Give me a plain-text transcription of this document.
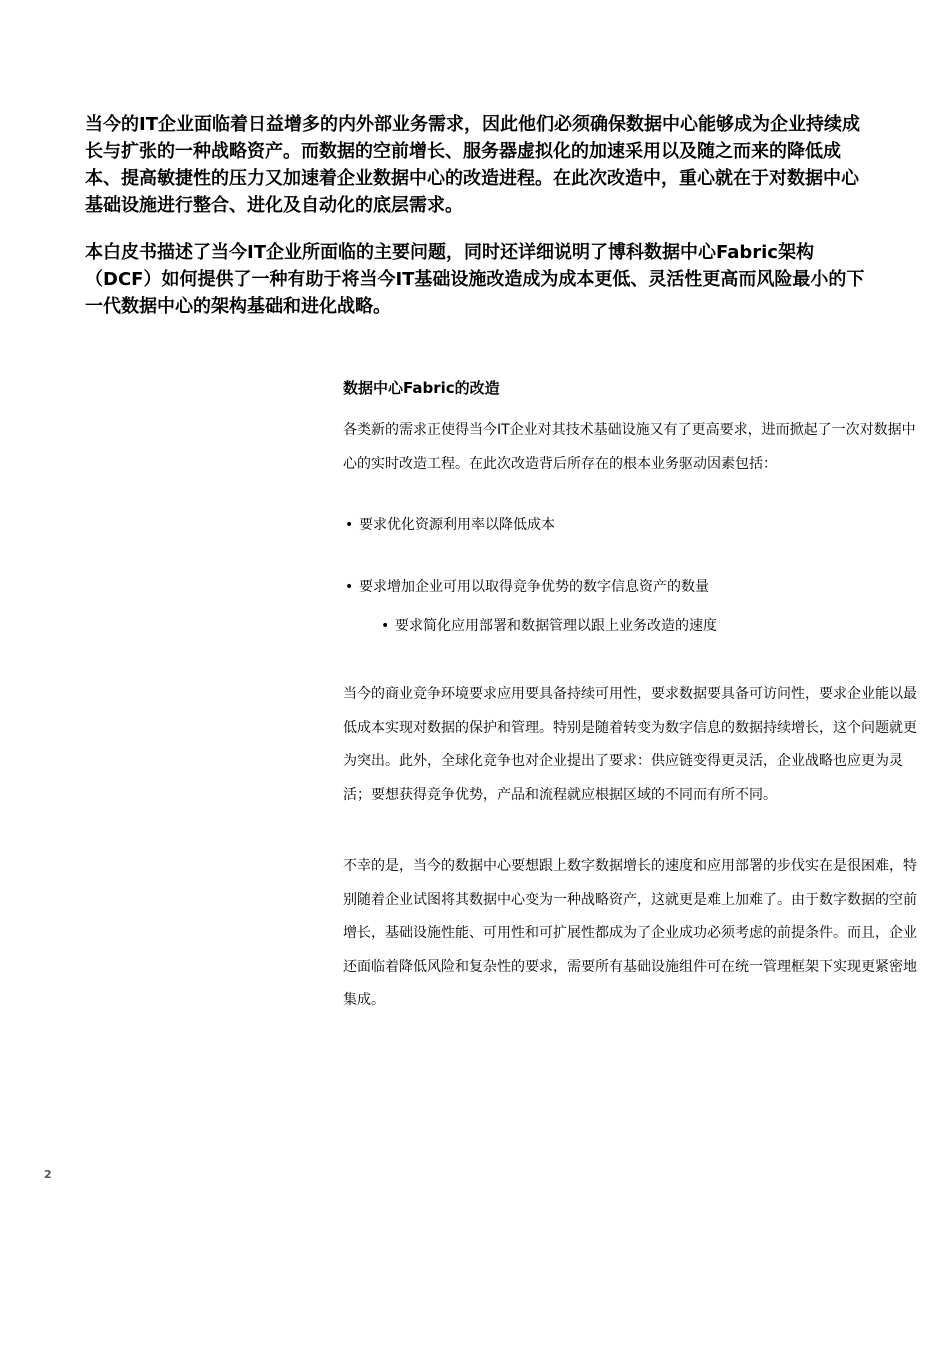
当今的IT企业面临着日益增多的内外部业务需求，因此他们必须确保数据中心能够成为企业持续成长与扩张的一种战略资产。而数据的空前增长、服务器虚拟化的加速采用以及随之而来的降低成本、提高敏捷性的压力又加速着企业数据中心的改造进程。在此次改造中，重心就在于对数据中心基础设施进行整合、进化及自动化的底层需求。

本白皮书描述了当今IT企业所面临的主要问题，同时还详细说明了博科数据中心Fabric架构（DCF）如何提供了一种有助于将当今IT基础设施改造成为成本更低、灵活性更高而风险最小的下一代数据中心的架构基础和进化战略。

数据中心Fabric的改造

各类新的需求正使得当今IT企业对其技术基础设施又有了更高要求，进而掀起了一次对数据中心的实时改造工程。在此次改造背后所存在的根本业务驱动因素包括：

• 要求优化资源利用率以降低成本
• 要求增加企业可用以取得竞争优势的数字信息资产的数量
• 要求简化应用部署和数据管理以跟上业务改造的速度

当今的商业竞争环境要求应用要具备持续可用性，要求数据要具备可访问性，要求企业能以最低成本实现对数据的保护和管理。特别是随着转变为数字信息的数据持续增长，这个问题就更为突出。此外，全球化竞争也对企业提出了要求：供应链变得更灵活，企业战略也应更为灵活；要想获得竞争优势，产品和流程就应根据区域的不同而有所不同。

不幸的是，当今的数据中心要想跟上数字数据增长的速度和应用部署的步伐实在是很困难，特别随着企业试图将其数据中心变为一种战略资产，这就更是难上加难了。由于数字数据的空前增长，基础设施性能、可用性和可扩展性都成为了企业成功必须考虑的前提条件。而且，企业还面临着降低风险和复杂性的要求，需要所有基础设施组件可在统一管理框架下实现更紧密地集成。

2
